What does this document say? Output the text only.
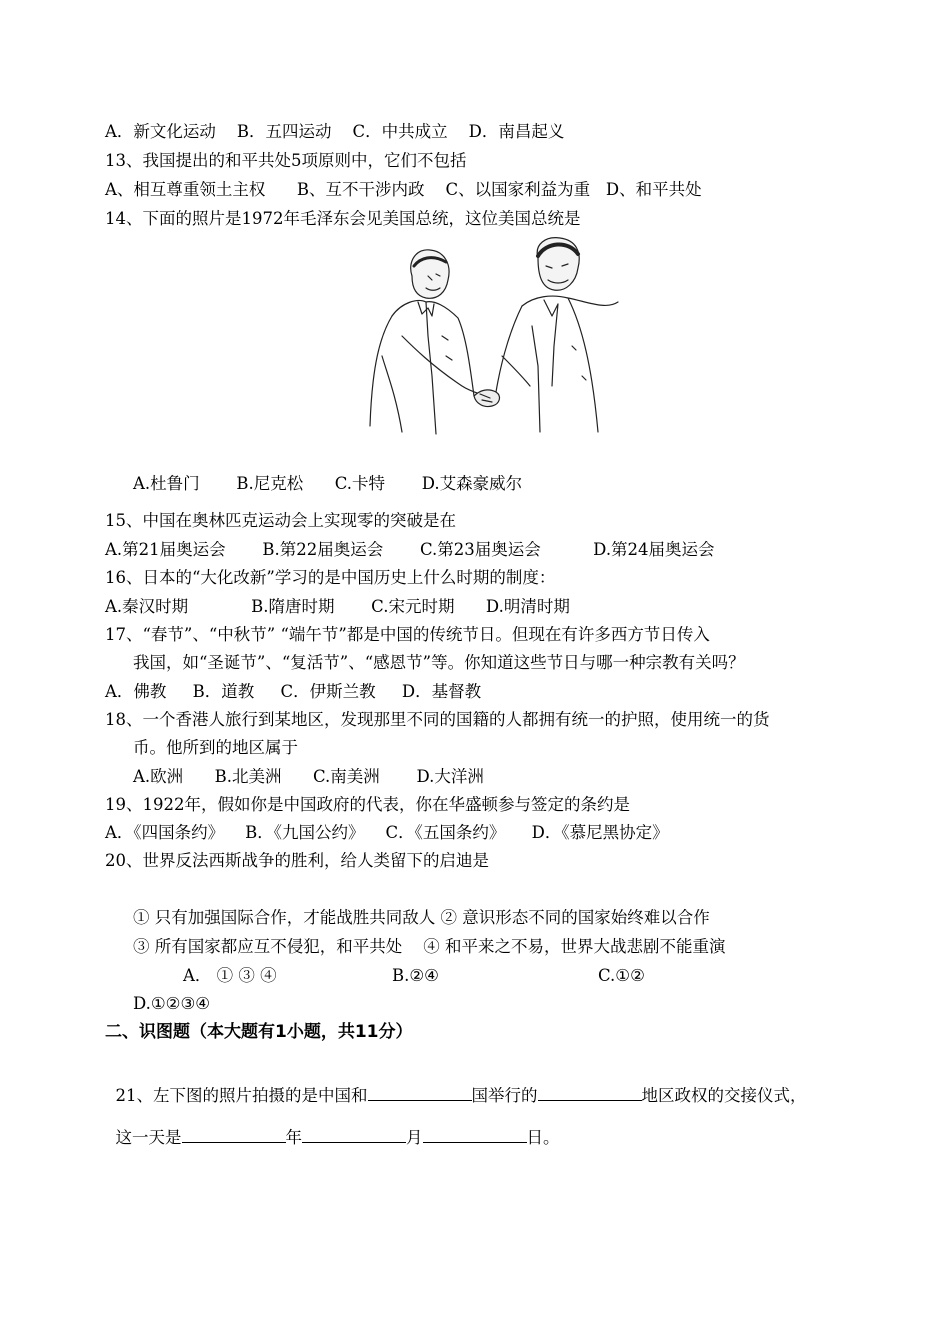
A．新文化运动    B．五四运动    C．中共成立    D．南昌起义
13、我国提出的和平共处5项原则中，它们不包括
A、相互尊重领土主权      B、互不干涉内政    C、以国家利益为重   D、和平共处
14、下面的照片是1972年毛泽东会见美国总统，这位美国总统是
A.杜鲁门       B.尼克松      C.卡特       D.艾森豪威尔
15、中国在奥林匹克运动会上实现零的突破是在
A.第21届奥运会       B.第22届奥运会       C.第23届奥运会          D.第24届奥运会
16、日本的“大化改新”学习的是中国历史上什么时期的制度：
A.秦汉时期            B.隋唐时期       C.宋元时期      D.明清时期
17、“春节”、“中秋节” “端午节”都是中国的传统节日。但现在有许多西方节日传入
我国，如“圣诞节”、“复活节”、“感恩节”等。你知道这些节日与哪一种宗教有关吗？
A．佛教     B．道教     C．伊斯兰教     D．基督教
18、一个香港人旅行到某地区，发现那里不同的国籍的人都拥有统一的护照，使用统一的货
币。他所到的地区属于
A.欧洲      B.北美洲      C.南美洲       D.大洋洲
19、1922年，假如你是中国政府的代表，你在华盛顿参与签定的条约是
A．《四国条约》    B．《九国公约》    C．《五国条约》     D．《慕尼黑协定》
20、世界反法西斯战争的胜利，给人类留下的启迪是
① 只有加强国际合作，才能战胜共同敌人 ② 意识形态不同的国家始终难以合作
③ 所有国家都应互不侵犯，和平共处    ④ 和平来之不易，世界大战悲剧不能重演
A． ① ③ ④	B.②④	C.①②
D.①②③④
二、识图题（本大题有1小题，共11分）

21、左下图的照片拍摄的是中国和	国举行的	地区政权的交接仪式，

这一天是	年	月	日。
